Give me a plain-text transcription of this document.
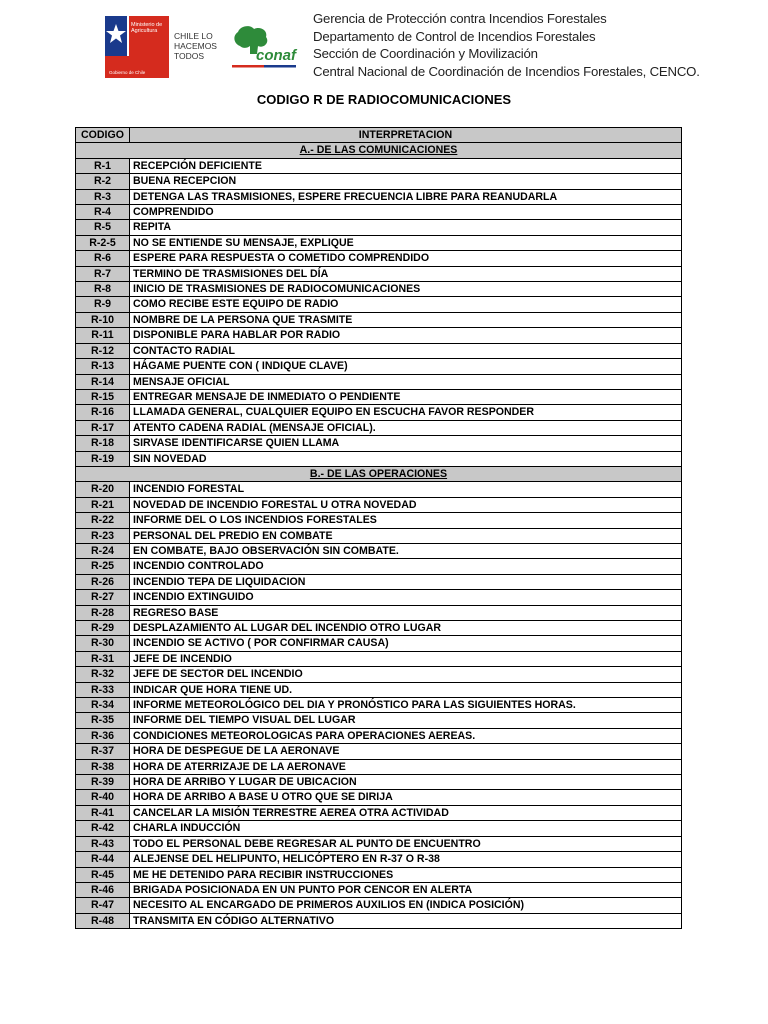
Ministerio de
Agricultura
Gobierno de Chile
CHILE LO
HACEMOS
TODOS	conaf
Gerencia de Protección contra Incendios Forestales
Departamento de Control de Incendios Forestales
Sección de Coordinación y Movilización
Central Nacional de Coordinación de Incendios Forestales, CENCO.
CODIGO R DE RADIOCOMUNICACIONES
CODIGO	INTERPRETACION
A.- DE LAS COMUNICACIONES	
R-1	RECEPCIÓN DEFICIENTE
R-2	BUENA RECEPCION
R-3	DETENGA LAS TRASMISIONES, ESPERE FRECUENCIA LIBRE PARA REANUDARLA
R-4	COMPRENDIDO
R-5	REPITA
R-2-5	NO SE ENTIENDE SU MENSAJE, EXPLIQUE
R-6	ESPERE PARA RESPUESTA O COMETIDO COMPRENDIDO
R-7	TERMINO DE TRASMISIONES DEL DÍA
R-8	INICIO DE TRASMISIONES DE RADIOCOMUNICACIONES
R-9	COMO RECIBE ESTE EQUIPO DE RADIO
R-10	NOMBRE DE LA PERSONA QUE TRASMITE
R-11	DISPONIBLE PARA HABLAR POR RADIO
R-12	CONTACTO RADIAL
R-13	HÁGAME PUENTE CON ( INDIQUE CLAVE)
R-14	MENSAJE OFICIAL
R-15	ENTREGAR MENSAJE DE INMEDIATO O PENDIENTE
R-16	LLAMADA GENERAL, CUALQUIER EQUIPO EN ESCUCHA FAVOR RESPONDER
R-17	ATENTO CADENA RADIAL (MENSAJE OFICIAL).
R-18	SIRVASE IDENTIFICARSE QUIEN LLAMA
R-19	SIN NOVEDAD
B.- DE LAS OPERACIONES	
R-20	INCENDIO FORESTAL
R-21	NOVEDAD DE INCENDIO FORESTAL U OTRA NOVEDAD
R-22	INFORME DEL O LOS INCENDIOS FORESTALES
R-23	PERSONAL DEL PREDIO EN COMBATE
R-24	EN COMBATE, BAJO OBSERVACIÓN SIN COMBATE.
R-25	INCENDIO CONTROLADO
R-26	INCENDIO TEPA DE LIQUIDACION
R-27	INCENDIO EXTINGUIDO
R-28	REGRESO BASE
R-29	DESPLAZAMIENTO AL LUGAR DEL INCENDIO OTRO LUGAR
R-30	INCENDIO SE ACTIVO ( POR CONFIRMAR CAUSA)
R-31	JEFE DE INCENDIO
R-32	JEFE DE SECTOR DEL INCENDIO
R-33	INDICAR QUE HORA TIENE UD.
R-34	INFORME METEOROLÓGICO DEL DIA Y PRONÓSTICO PARA LAS SIGUIENTES HORAS.
R-35	INFORME DEL TIEMPO VISUAL DEL LUGAR
R-36	CONDICIONES METEOROLOGICAS PARA OPERACIONES AEREAS.
R-37	HORA DE DESPEGUE DE LA AERONAVE
R-38	HORA DE ATERRIZAJE DE LA AERONAVE
R-39	HORA DE ARRIBO Y LUGAR DE UBICACION
R-40	HORA DE ARRIBO A BASE U OTRO QUE SE DIRIJA
R-41	CANCELAR LA MISIÓN TERRESTRE AEREA OTRA ACTIVIDAD
R-42	CHARLA INDUCCIÓN
R-43	TODO EL PERSONAL DEBE REGRESAR AL PUNTO DE ENCUENTRO
R-44	ALEJENSE DEL HELIPUNTO, HELICÓPTERO EN R-37 O R-38
R-45	ME HE DETENIDO PARA RECIBIR INSTRUCCIONES
R-46	BRIGADA POSICIONADA EN UN PUNTO POR CENCOR EN ALERTA
R-47	NECESITO AL ENCARGADO DE PRIMEROS AUXILIOS EN (INDICA POSICIÓN)
R-48	TRANSMITA EN CÓDIGO ALTERNATIVO
